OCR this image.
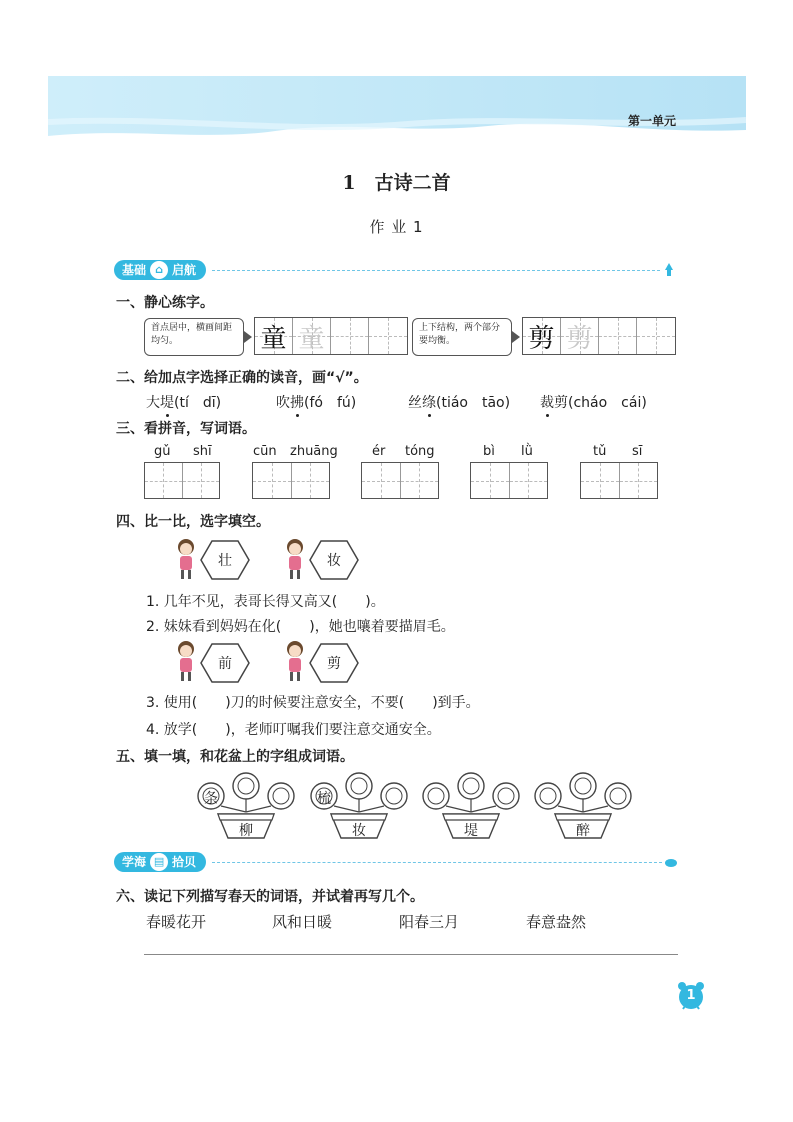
第一单元
1　古诗二首
作 业 1
基础 ⌂ 启航
一、静心练字。
首点居中，横画间距
均匀。	童 童	上下结构，两个部分
要均衡。	剪 剪
二、给加点字选择正确的读音，画“√”。
大堤(tí　dī)	吹拂(fó　fú)	丝绦(tiáo　tāo) 裁剪(cháo　cái)
三、看拼音，写词语。
gǔ shī	cūn zhuāng	ér tóng	bì lǜ	tǔ sī
四、比一比，选字填空。
壮	妆
1. 几年不见，表哥长得又高又(　　)。
2. 妹妹看到妈妈在化(　　)，她也嚷着要描眉毛。
前	剪
3. 使用(　　)刀的时候要注意安全，不要(　　)到手。
4. 放学(　　)，老师叮嘱我们要注意交通安全。
五、填一填，和花盆上的字组成词语。
条
柳
梳
妆	堤	醉
学海 ▤ 拾贝
六、读记下列描写春天的词语，并试着再写几个。
春暖花开	风和日暖	阳春三月	春意盎然
1
